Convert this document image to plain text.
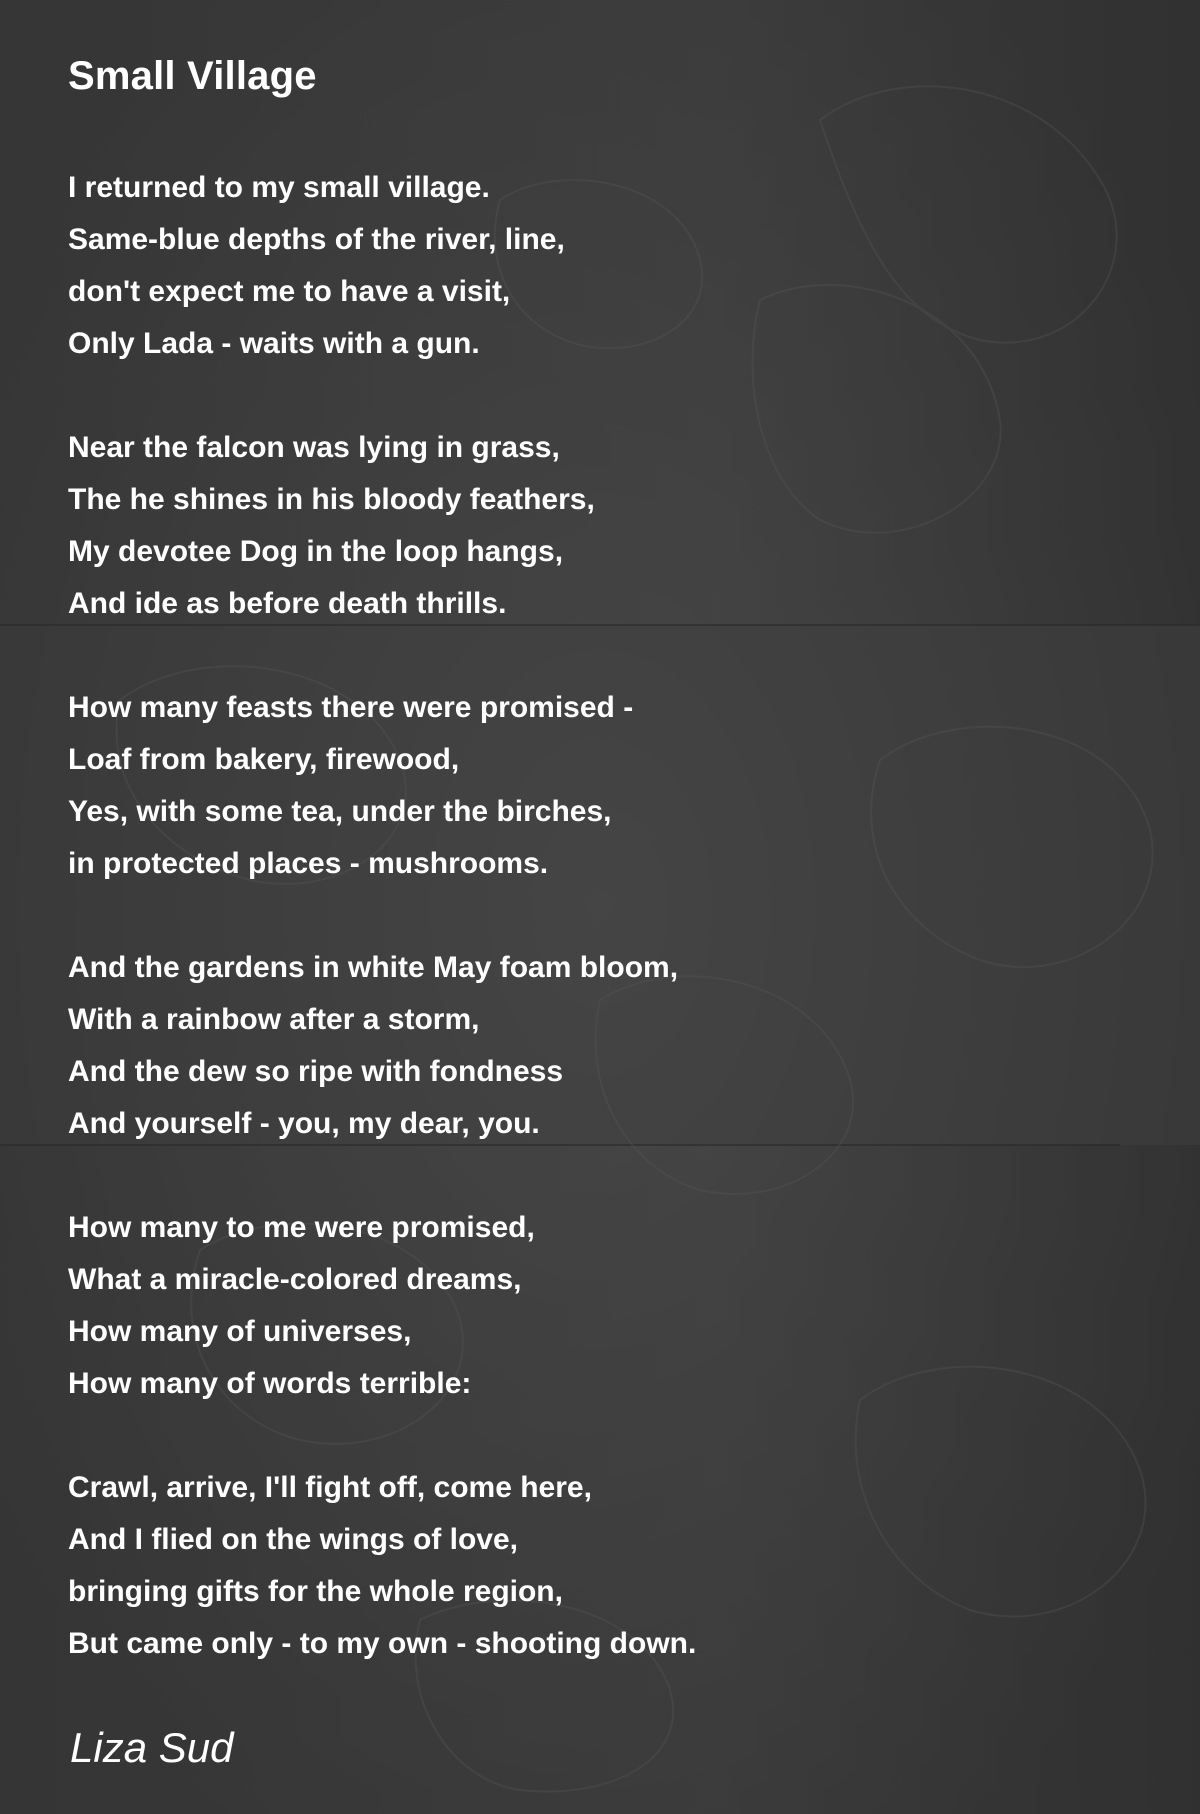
Small Village
I returned to my small village.
Same-blue depths of the river, line,
don't expect me to have a visit,
Only Lada - waits with a gun.
Near the falcon was lying in grass,
The he shines in his bloody feathers,
My devotee Dog in the loop hangs,
And ide as before death thrills.
How many feasts there were promised -
Loaf from bakery, firewood,
Yes, with some tea, under the birches,
in protected places - mushrooms.
And the gardens in white May foam bloom,
With a rainbow after a storm,
And the dew so ripe with fondness
And yourself - you, my dear, you.
How many to me were promised,
What a miracle-colored dreams,
How many of universes,
How many of words terrible:
Crawl, arrive, I'll fight off, come here,
And I flied on the wings of love,
bringing gifts for the whole region,
But came only - to my own - shooting down.
Liza Sud
